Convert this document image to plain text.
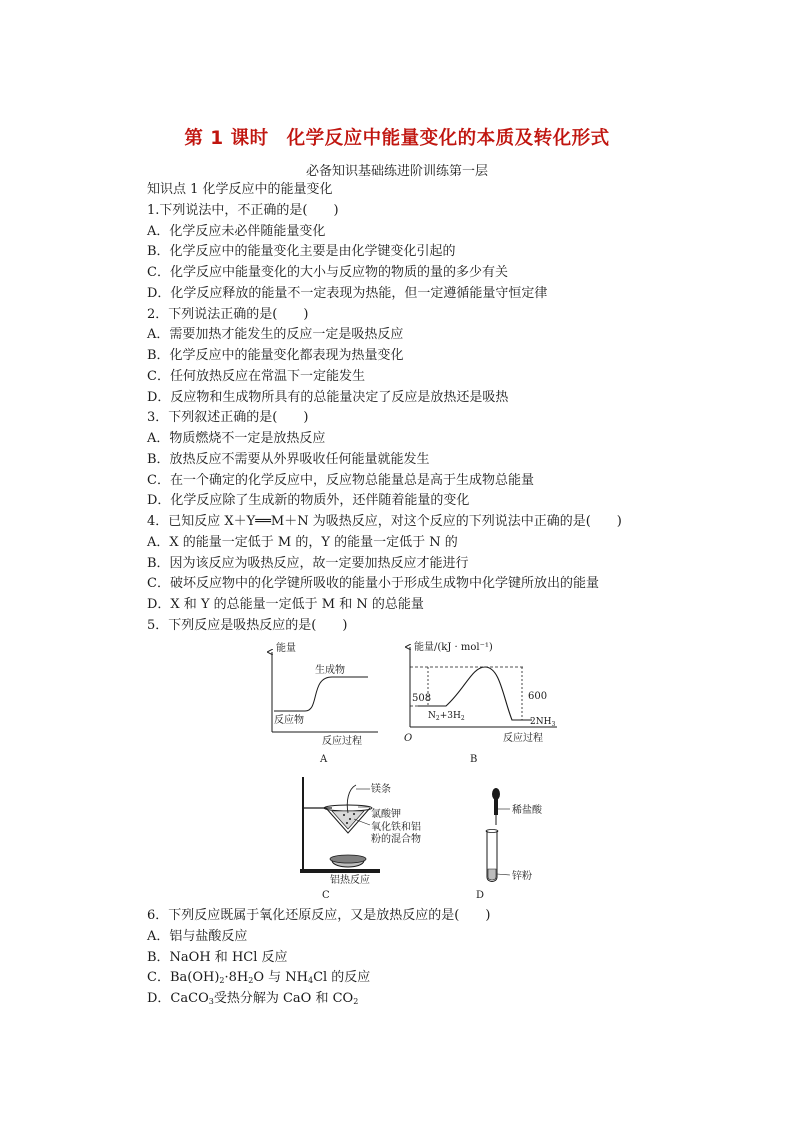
第 1 课时 化学反应中能量变化的本质及转化形式
必备知识基础练进阶训练第一层
知识点 1 化学反应中的能量变化
1.下列说法中，不正确的是(　　)
A．化学反应未必伴随能量变化
B．化学反应中的能量变化主要是由化学键变化引起的
C．化学反应中能量变化的大小与反应物的物质的量的多少有关
D．化学反应释放的能量不一定表现为热能，但一定遵循能量守恒定律
2．下列说法正确的是(　　)
A．需要加热才能发生的反应一定是吸热反应
B．化学反应中的能量变化都表现为热量变化
C．任何放热反应在常温下一定能发生
D．反应物和生成物所具有的总能量决定了反应是放热还是吸热
3．下列叙述正确的是(　　)
A．物质燃烧不一定是放热反应
B．放热反应不需要从外界吸收任何能量就能发生
C．在一个确定的化学反应中，反应物总能量总是高于生成物总能量
D．化学反应除了生成新的物质外，还伴随着能量的变化
4．已知反应 X＋Y══M＋N 为吸热反应，对这个反应的下列说法中正确的是(　　)
A．X 的能量一定低于 M 的，Y 的能量一定低于 N 的
B．因为该反应为吸热反应，故一定要加热反应才能进行
C．破坏反应物中的化学键所吸收的能量小于形成生成物中化学键所放出的能量
D．X 和 Y 的总能量一定低于 M 和 N 的总能量
5．下列反应是吸热反应的是(　　)
能量
生成物
反应物
反应过程
A
能量/(kJ · mol⁻¹)
O
508	600
$N_2+3H_2$	$2NH_3$
反应过程
B
镁条
氯酸钾
氧化铁和铝
粉的混合物
铝热反应
C
稀盐酸
锌粉
D
6．下列反应既属于氧化还原反应，又是放热反应的是(　　)
A．铝与盐酸反应
B．NaOH 和 HCl 反应
C．$Ba(OH)_2\cdot 8H_2O$ 与 $NH_4Cl$ 的反应
D．CaCO$_3$受热分解为 CaO 和 $CO_2$
